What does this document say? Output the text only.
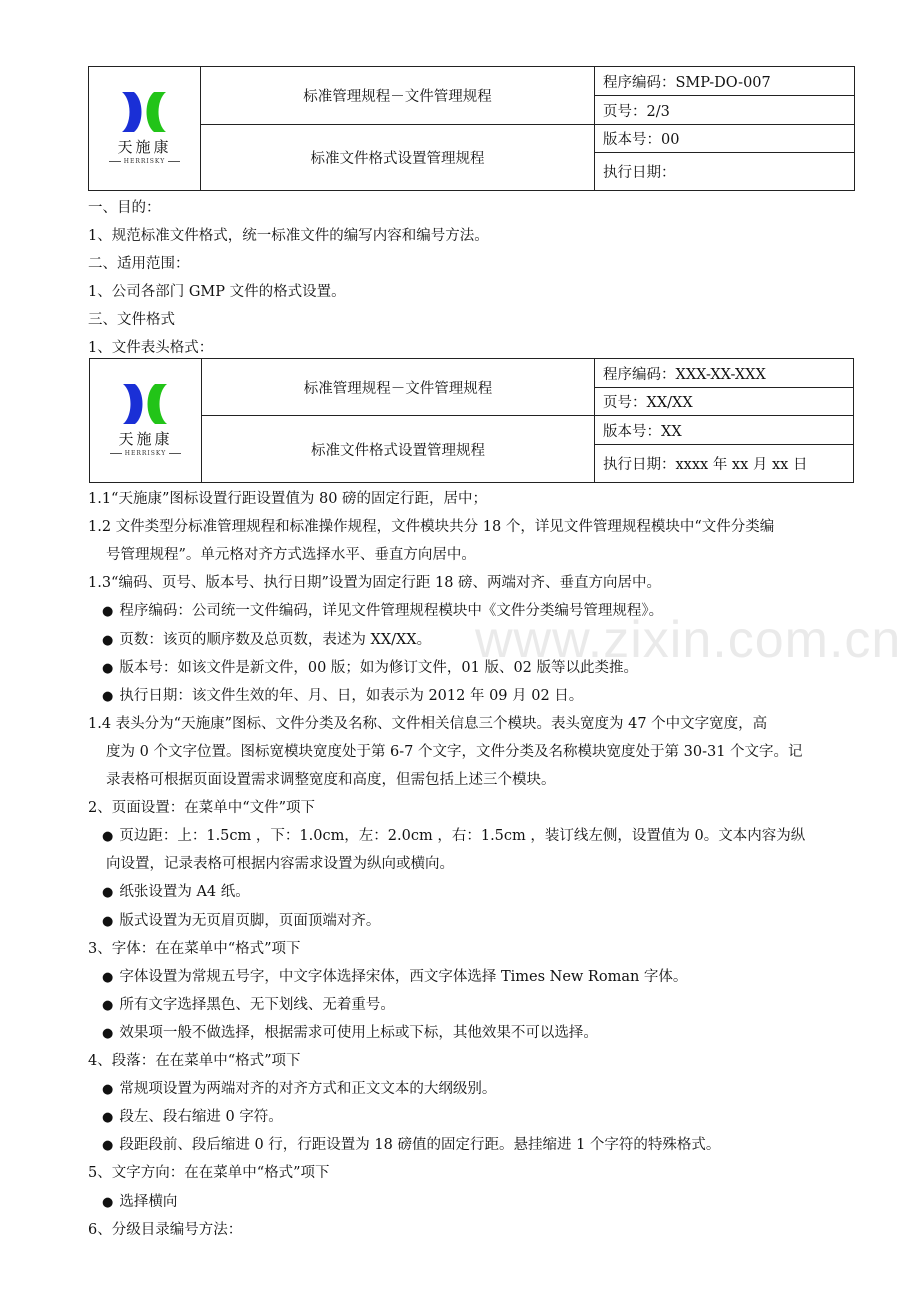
天施康
HERRISKY	标准管理规程－文件管理规程	程序编码：SMP-DO-007
		页号：2/3
	标准文件格式设置管理规程	版本号：00
		执行日期：
一、目的：
1、规范标准文件格式，统一标准文件的编写内容和编号方法。
二、适用范围：
1、公司各部门 GMP 文件的格式设置。
三、文件格式
1、文件表头格式：
天施康
HERRISKY	标准管理规程－文件管理规程	程序编码：XXX-XX-XXX
		页号：XX/XX
	标准文件格式设置管理规程	版本号：XX
		执行日期：xxxx 年 xx 月 xx 日
1.1“天施康”图标设置行距设置值为 80 磅的固定行距，居中；
1.2 文件类型分标准管理规程和标准操作规程，文件模块共分 18 个，详见文件管理规程模块中“文件分类编
号管理规程”。单元格对齐方式选择水平、垂直方向居中。
1.3“编码、页号、版本号、执行日期”设置为固定行距 18 磅、两端对齐、垂直方向居中。
● 程序编码：公司统一文件编码，详见文件管理规程模块中《文件分类编号管理规程》。
● 页数：该页的顺序数及总页数，表述为 XX/XX。
● 版本号：如该文件是新文件，00 版；如为修订文件，01 版、02 版等以此类推。
● 执行日期：该文件生效的年、月、日，如表示为 2012 年 09 月 02 日。
1.4 表头分为“天施康”图标、文件分类及名称、文件相关信息三个模块。表头宽度为 47 个中文字宽度，高
度为 0 个文字位置。图标宽模块宽度处于第 6-7 个文字，文件分类及名称模块宽度处于第 30-31 个文字。记
录表格可根据页面设置需求调整宽度和高度，但需包括上述三个模块。
2、页面设置：在菜单中“文件”项下
● 页边距：上：1.5cm ，下：1.0cm，左：2.0cm ，右：1.5cm ，装订线左侧，设置值为 0。文本内容为纵
向设置，记录表格可根据内容需求设置为纵向或横向。
● 纸张设置为 A4 纸。
● 版式设置为无页眉页脚，页面顶端对齐。
3、字体：在在菜单中“格式”项下
● 字体设置为常规五号字，中文字体选择宋体，西文字体选择 Times New Roman 字体。
● 所有文字选择黑色、无下划线、无着重号。
● 效果项一般不做选择，根据需求可使用上标或下标，其他效果不可以选择。
4、段落：在在菜单中“格式”项下
● 常规项设置为两端对齐的对齐方式和正文文本的大纲级别。
● 段左、段右缩进 0 字符。
● 段距段前、段后缩进 0 行，行距设置为 18 磅值的固定行距。悬挂缩进 1 个字符的特殊格式。
5、文字方向：在在菜单中“格式”项下
● 选择横向
6、分级目录编号方法：
www.zixin.com.cn
